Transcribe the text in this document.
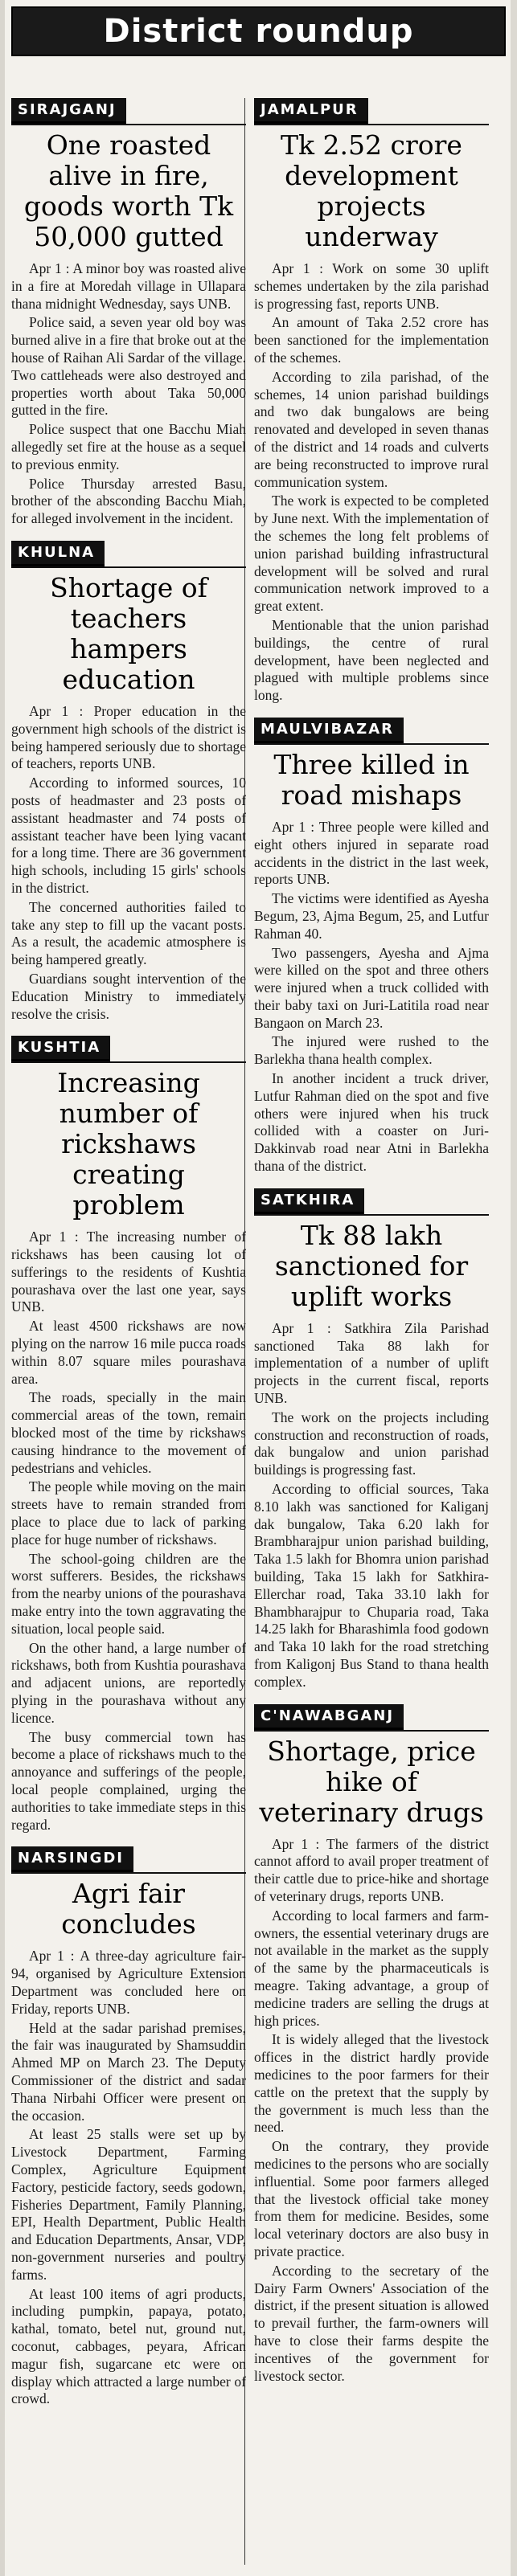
District roundup
SIRAJGANJ
One roasted alive in fire, goods worth Tk 50,000 gutted

Apr 1 : A minor boy was roasted alive in a fire at Moredah village in Ullapara thana midnight Wednesday, says UNB.

Police said, a seven year old boy was burned alive in a fire that broke out at the house of Raihan Ali Sardar of the village. Two cattleheads were also destroyed and properties worth about Taka 50,000 gutted in the fire.

Police suspect that one Bacchu Miah allegedly set fire at the house as a sequel to previous enmity.

Police Thursday arrested Basu, brother of the absconding Bacchu Miah, for alleged involvement in the incident.

KHULNA
Shortage of teachers hampers education

Apr 1 : Proper education in the government high schools of the district is being hampered seriously due to shortage of teachers, reports UNB.

According to informed sources, 10 posts of headmaster and 23 posts of assistant headmaster and 74 posts of assistant teacher have been lying vacant for a long time. There are 36 government high schools, including 15 girls' schools in the district.

The concerned authorities failed to take any step to fill up the vacant posts. As a result, the academic atmosphere is being hampered greatly.

Guardians sought intervention of the Education Ministry to immediately resolve the crisis.

KUSHTIA
Increasing number of rickshaws creating problem

Apr 1 : The increasing number of rickshaws has been causing lot of sufferings to the residents of Kushtia pourashava over the last one year, says UNB.

At least 4500 rickshaws are now plying on the narrow 16 mile pucca roads within 8.07 square miles pourashava area.

The roads, specially in the main commercial areas of the town, remain blocked most of the time by rickshaws causing hindrance to the movement of pedestrians and vehicles.

The people while moving on the main streets have to remain stranded from place to place due to lack of parking place for huge number of rickshaws.

The school-going children are the worst sufferers. Besides, the rickshaws from the nearby unions of the pourashava make entry into the town aggravating the situation, local people said.

On the other hand, a large number of rickshaws, both from Kushtia pourashava and adjacent unions, are reportedly plying in the pourashava without any licence.

The busy commercial town has become a place of rickshaws much to the annoyance and sufferings of the people, local people complained, urging the authorities to take immediate steps in this regard.

NARSINGDI
Agri fair concludes

Apr 1 : A three-day agriculture fair-94, organised by Agriculture Extension Department was concluded here on Friday, reports UNB.

Held at the sadar parishad premises, the fair was inaugurated by Shamsuddin Ahmed MP on March 23. The Deputy Commissioner of the district and sadar Thana Nirbahi Officer were present on the occasion.

At least 25 stalls were set up by Livestock Department, Farming Complex, Agriculture Equipment Factory, pesticide factory, seeds godown, Fisheries Department, Family Planning, EPI, Health Department, Public Health and Education Departments, Ansar, VDP, non-government nurseries and poultry farms.

At least 100 items of agri products, including pumpkin, papaya, potato, kathal, tomato, betel nut, ground nut, coconut, cabbages, peyara, African magur fish, sugarcane etc were on display which attracted a large number of crowd.

JAMALPUR
Tk 2.52 crore development projects underway

Apr 1 : Work on some 30 uplift schemes undertaken by the zila parishad is progressing fast, reports UNB.

An amount of Taka 2.52 crore has been sanctioned for the implementation of the schemes.

According to zila parishad, of the schemes, 14 union parishad buildings and two dak bungalows are being renovated and developed in seven thanas of the district and 14 roads and culverts are being reconstructed to improve rural communication system.

The work is expected to be completed by June next. With the implementation of the schemes the long felt problems of union parishad building infrastructural development will be solved and rural communication network improved to a great extent.

Mentionable that the union parishad buildings, the centre of rural development, have been neglected and plagued with multiple problems since long.

MAULVIBAZAR
Three killed in road mishaps

Apr 1 : Three people were killed and eight others injured in separate road accidents in the district in the last week, reports UNB.

The victims were identified as Ayesha Begum, 23, Ajma Begum, 25, and Lutfur Rahman 40.

Two passengers, Ayesha and Ajma were killed on the spot and three others were injured when a truck collided with their baby taxi on Juri-Latitila road near Bangaon on March 23.

The injured were rushed to the Barlekha thana health complex.

In another incident a truck driver, Lutfur Rahman died on the spot and five others were injured when his truck collided with a coaster on Juri-Dakkinvab road near Atni in Barlekha thana of the district.

SATKHIRA
Tk 88 lakh sanctioned for uplift works

Apr 1 : Satkhira Zila Parishad sanctioned Taka 88 lakh for implementation of a number of uplift projects in the current fiscal, reports UNB.

The work on the projects including construction and reconstruction of roads, dak bungalow and union parishad buildings is progressing fast.

According to official sources, Taka 8.10 lakh was sanctioned for Kaliganj dak bungalow, Taka 6.20 lakh for Brambharajpur union parishad building, Taka 1.5 lakh for Bhomra union parishad building, Taka 15 lakh for Satkhira-Ellerchar road, Taka 33.10 lakh for Bhambharajpur to Chuparia road, Taka 14.25 lakh for Bharashimla food godown and Taka 10 lakh for the road stretching from Kaligonj Bus Stand to thana health complex.

C'NAWABGANJ
Shortage, price hike of veterinary drugs

Apr 1 : The farmers of the district cannot afford to avail proper treatment of their cattle due to price-hike and shortage of veterinary drugs, reports UNB.

According to local farmers and farm-owners, the essential veterinary drugs are not available in the market as the supply of the same by the pharmaceuticals is meagre. Taking advantage, a group of medicine traders are selling the drugs at high prices.

It is widely alleged that the livestock offices in the district hardly provide medicines to the poor farmers for their cattle on the pretext that the supply by the government is much less than the need.

On the contrary, they provide medicines to the persons who are socially influential. Some poor farmers alleged that the livestock official take money from them for medicine. Besides, some local veterinary doctors are also busy in private practice.

According to the secretary of the Dairy Farm Owners' Association of the district, if the present situation is allowed to prevail further, the farm-owners will have to close their farms despite the incentives of the government for livestock sector.
